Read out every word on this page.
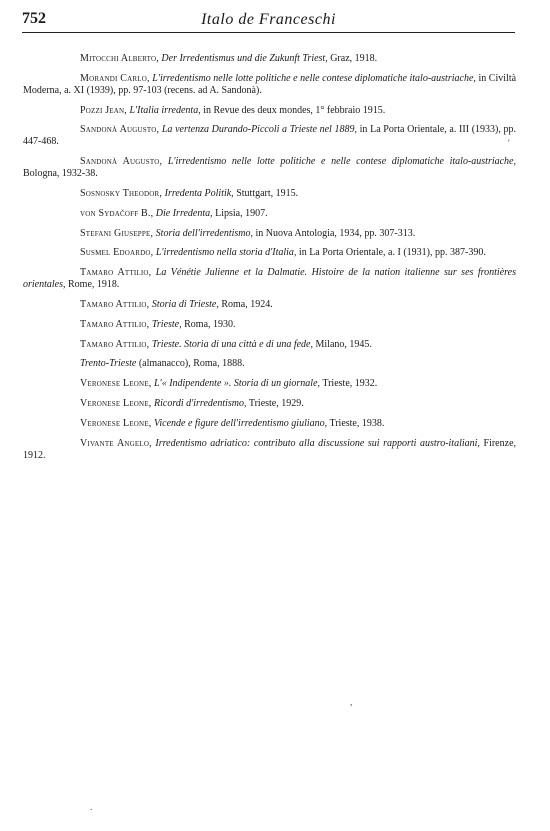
752	Italo de Franceschi
Mitocchi Alberto, Der Irredentismus und die Zukunft Triest, Graz, 1918.
Morandi Carlo, L'irredentismo nelle lotte politiche e nelle contese diplomatiche italo-austriache, in Civiltà Moderna, a. XI (1939), pp. 97-103 (recens. ad A. Sandonà).
Pozzi Jean, L'Italia irredenta, in Revue des deux mondes, 1° febbraio 1915.
Sandonà Augusto, La vertenza Durando-Piccoli a Trieste nel 1889, in La Porta Orientale, a. III (1933), pp. 447-468.
Sandonà Augusto, L'irredentismo nelle lotte politiche e nelle contese diplomatiche italo-austriache, Bologna, 1932-38.
Sosnosky Theodor, Irredenta Politik, Stuttgart, 1915.
von Sydačoff B., Die Irredenta, Lipsia, 1907.
Stefani Giuseppe, Storia dell'irredentismo, in Nuova Antologia, 1934, pp. 307-313.
Susmel Edoardo, L'irredentismo nella storia d'Italia, in La Porta Orientale, a. I (1931), pp. 387-390.
Tamaro Attilio, La Vénétie Julienne et la Dalmatie. Histoire de la nation italienne sur ses frontières orientales, Rome, 1918.
Tamaro Attilio, Storia di Trieste, Roma, 1924.
Tamaro Attilio, Trieste, Roma, 1930.
Tamaro Attilio, Trieste. Storia di una città e di una fede, Milano, 1945.
Trento-Trieste (almanacco), Roma, 1888.
Veronese Leone, L'« Indipendente ». Storia di un giornale, Trieste, 1932.
Veronese Leone, Ricordi d'irredentismo, Trieste, 1929.
Veronese Leone, Vicende e figure dell'irredentismo giuliano, Trieste, 1938.
Vivante Angelo, Irredentismo adriatico: contributo alla discussione sui rapporti austro-italiani, Firenze, 1912.
'
,
.
